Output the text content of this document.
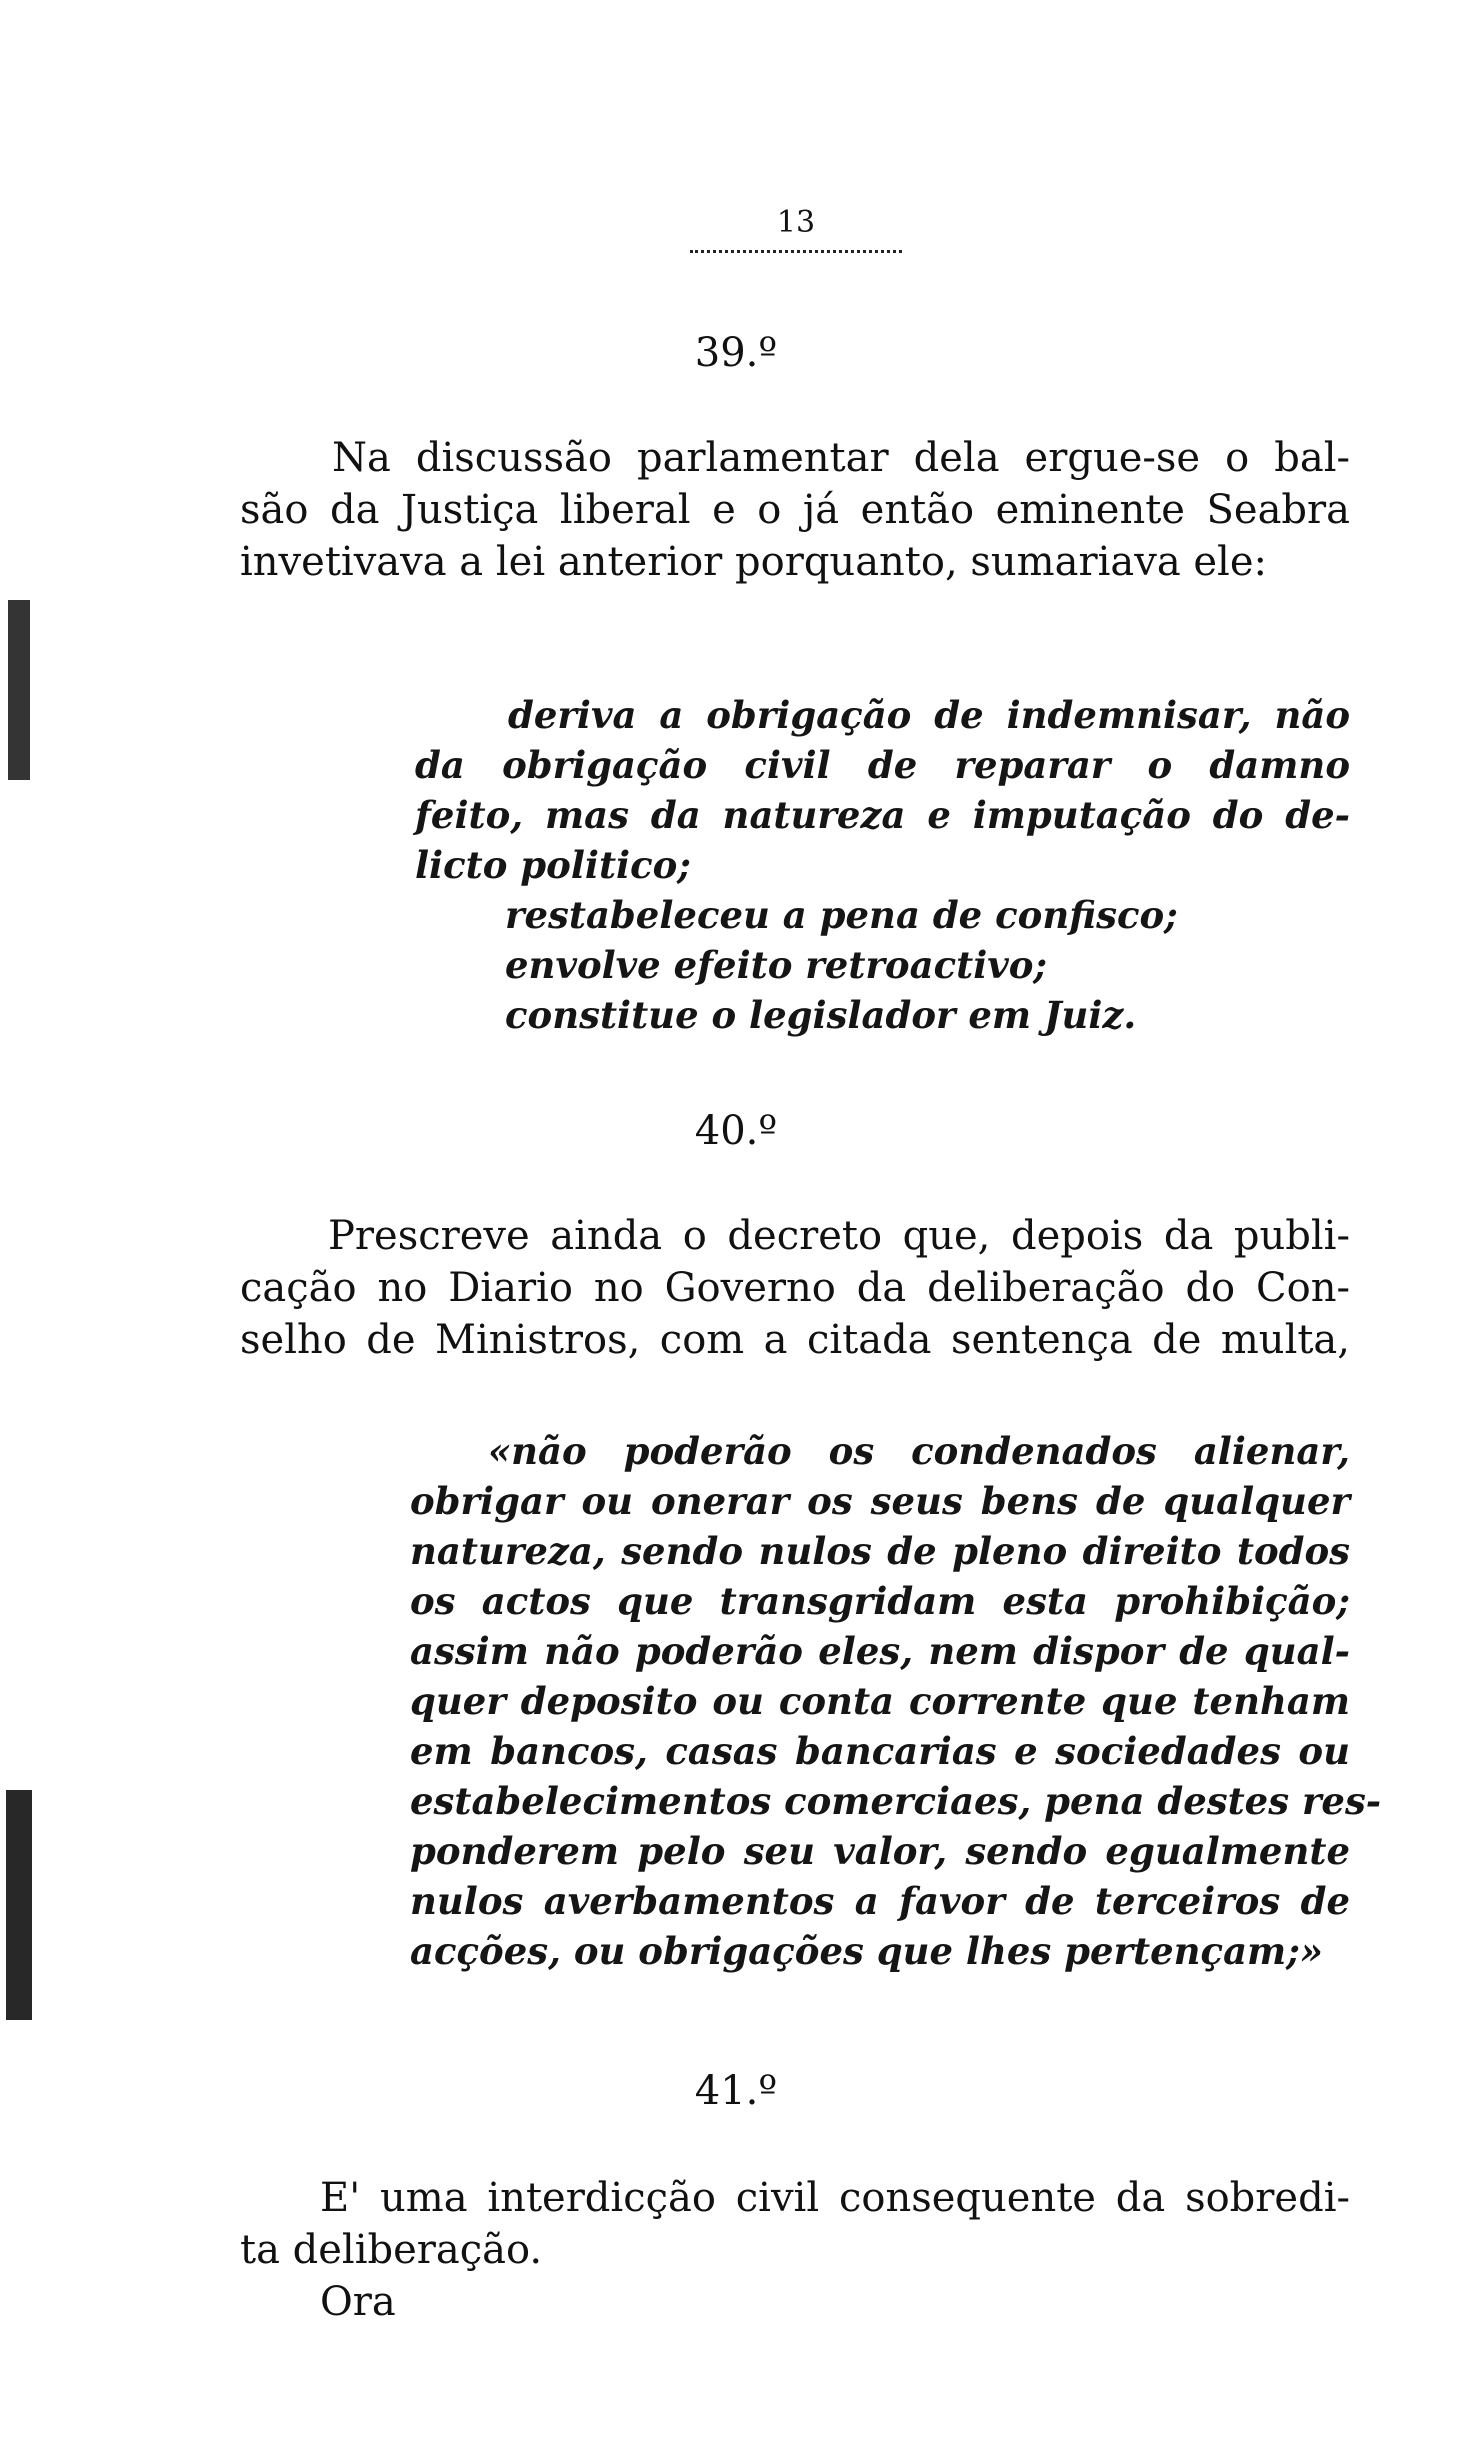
13
39.º
Na discussão parlamentar dela ergue-se o bal-
são da Justiça liberal e o já então eminente Seabra
invetivava a lei anterior porquanto, sumariava ele:
deriva a obrigação de indemnisar, não
da obrigação civil de reparar o damno
feito, mas da natureza e imputação do de-
licto politico;
restabeleceu a pena de confisco;
envolve efeito retroactivo;
constitue o legislador em Juiz.
40.º
Prescreve ainda o decreto que, depois da publi-
cação no Diario no Governo da deliberação do Con-
selho de Ministros, com a citada sentença de multa,
«não poderão os condenados alienar,
obrigar ou onerar os seus bens de qualquer
natureza, sendo nulos de pleno direito todos
os actos que transgridam esta prohibição;
assim não poderão eles, nem dispor de qual-
quer deposito ou conta corrente que tenham
em bancos, casas bancarias e sociedades ou
estabelecimentos comerciaes, pena destes res-
ponderem pelo seu valor, sendo egualmente
nulos averbamentos a favor de terceiros de
acções, ou obrigações que lhes pertençam;»
41.º
E' uma interdicção civil consequente da sobredi-
ta deliberação.
Ora
